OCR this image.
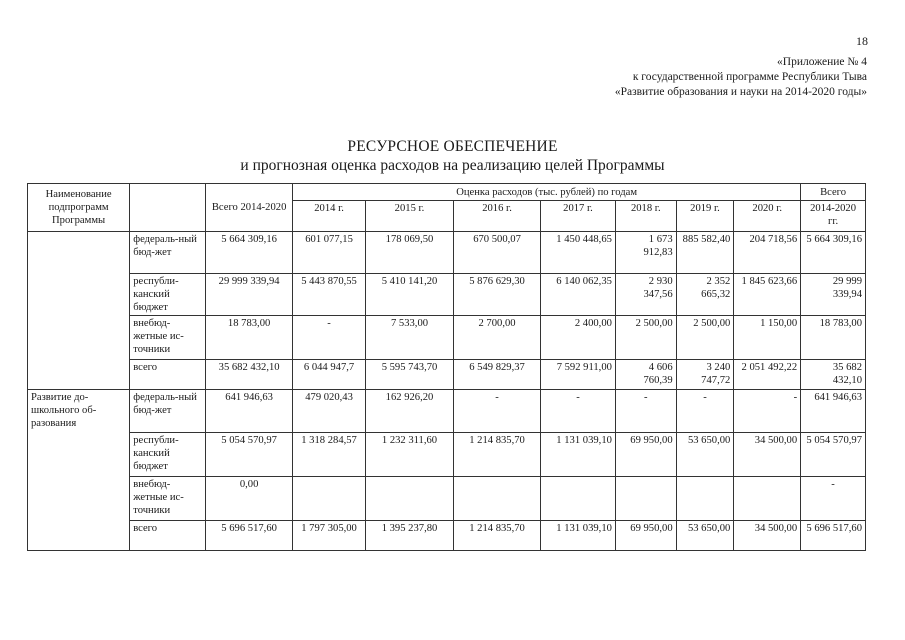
18
«Приложение № 4
к государственной программе Республики Тыва
«Развитие образования и науки на 2014-2020 годы»
РЕСУРСНОЕ ОБЕСПЕЧЕНИЕ
и прогнозная оценка расходов на реализацию целей Программы
Наименование подпрограмм Программы		Всего 2014-2020	Оценка расходов (тыс. рублей) по годам							Всего
			2014 г.	2015 г.	2016 г.	2017 г.	2018 г.	2019 г.	2020 г.	2014-2020 гг.
	федераль-ный бюд-жет	5 664 309,16	601 077,15	178 069,50	670 500,07	1 450 448,65	1 673 912,83	885 582,40	204 718,56	5 664 309,16
	республи-канский бюджет	29 999 339,94	5 443 870,55	5 410 141,20	5 876 629,30	6 140 062,35	2 930 347,56	2 352 665,32	1 845 623,66	29 999 339,94
	внебюд-жетные ис-точники	18 783,00	-	7 533,00	2 700,00	2 400,00	2 500,00	2 500,00	1 150,00	18 783,00
	всего	35 682 432,10	6 044 947,7	5 595 743,70	6 549 829,37	7 592 911,00	4 606 760,39	3 240 747,72	2 051 492,22	35 682 432,10
Развитие до-школьного об-разования	федераль-ный бюд-жет	641 946,63	479 020,43	162 926,20	-	-	-	-	-	641 946,63
	республи-канский бюджет	5 054 570,97	1 318 284,57	1 232 311,60	1 214 835,70	1 131 039,10	69 950,00	53 650,00	34 500,00	5 054 570,97
	внебюд-жетные ис-точники	0,00								-
	всего	5 696 517,60	1 797 305,00	1 395 237,80	1 214 835,70	1 131 039,10	69 950,00	53 650,00	34 500,00	5 696 517,60
